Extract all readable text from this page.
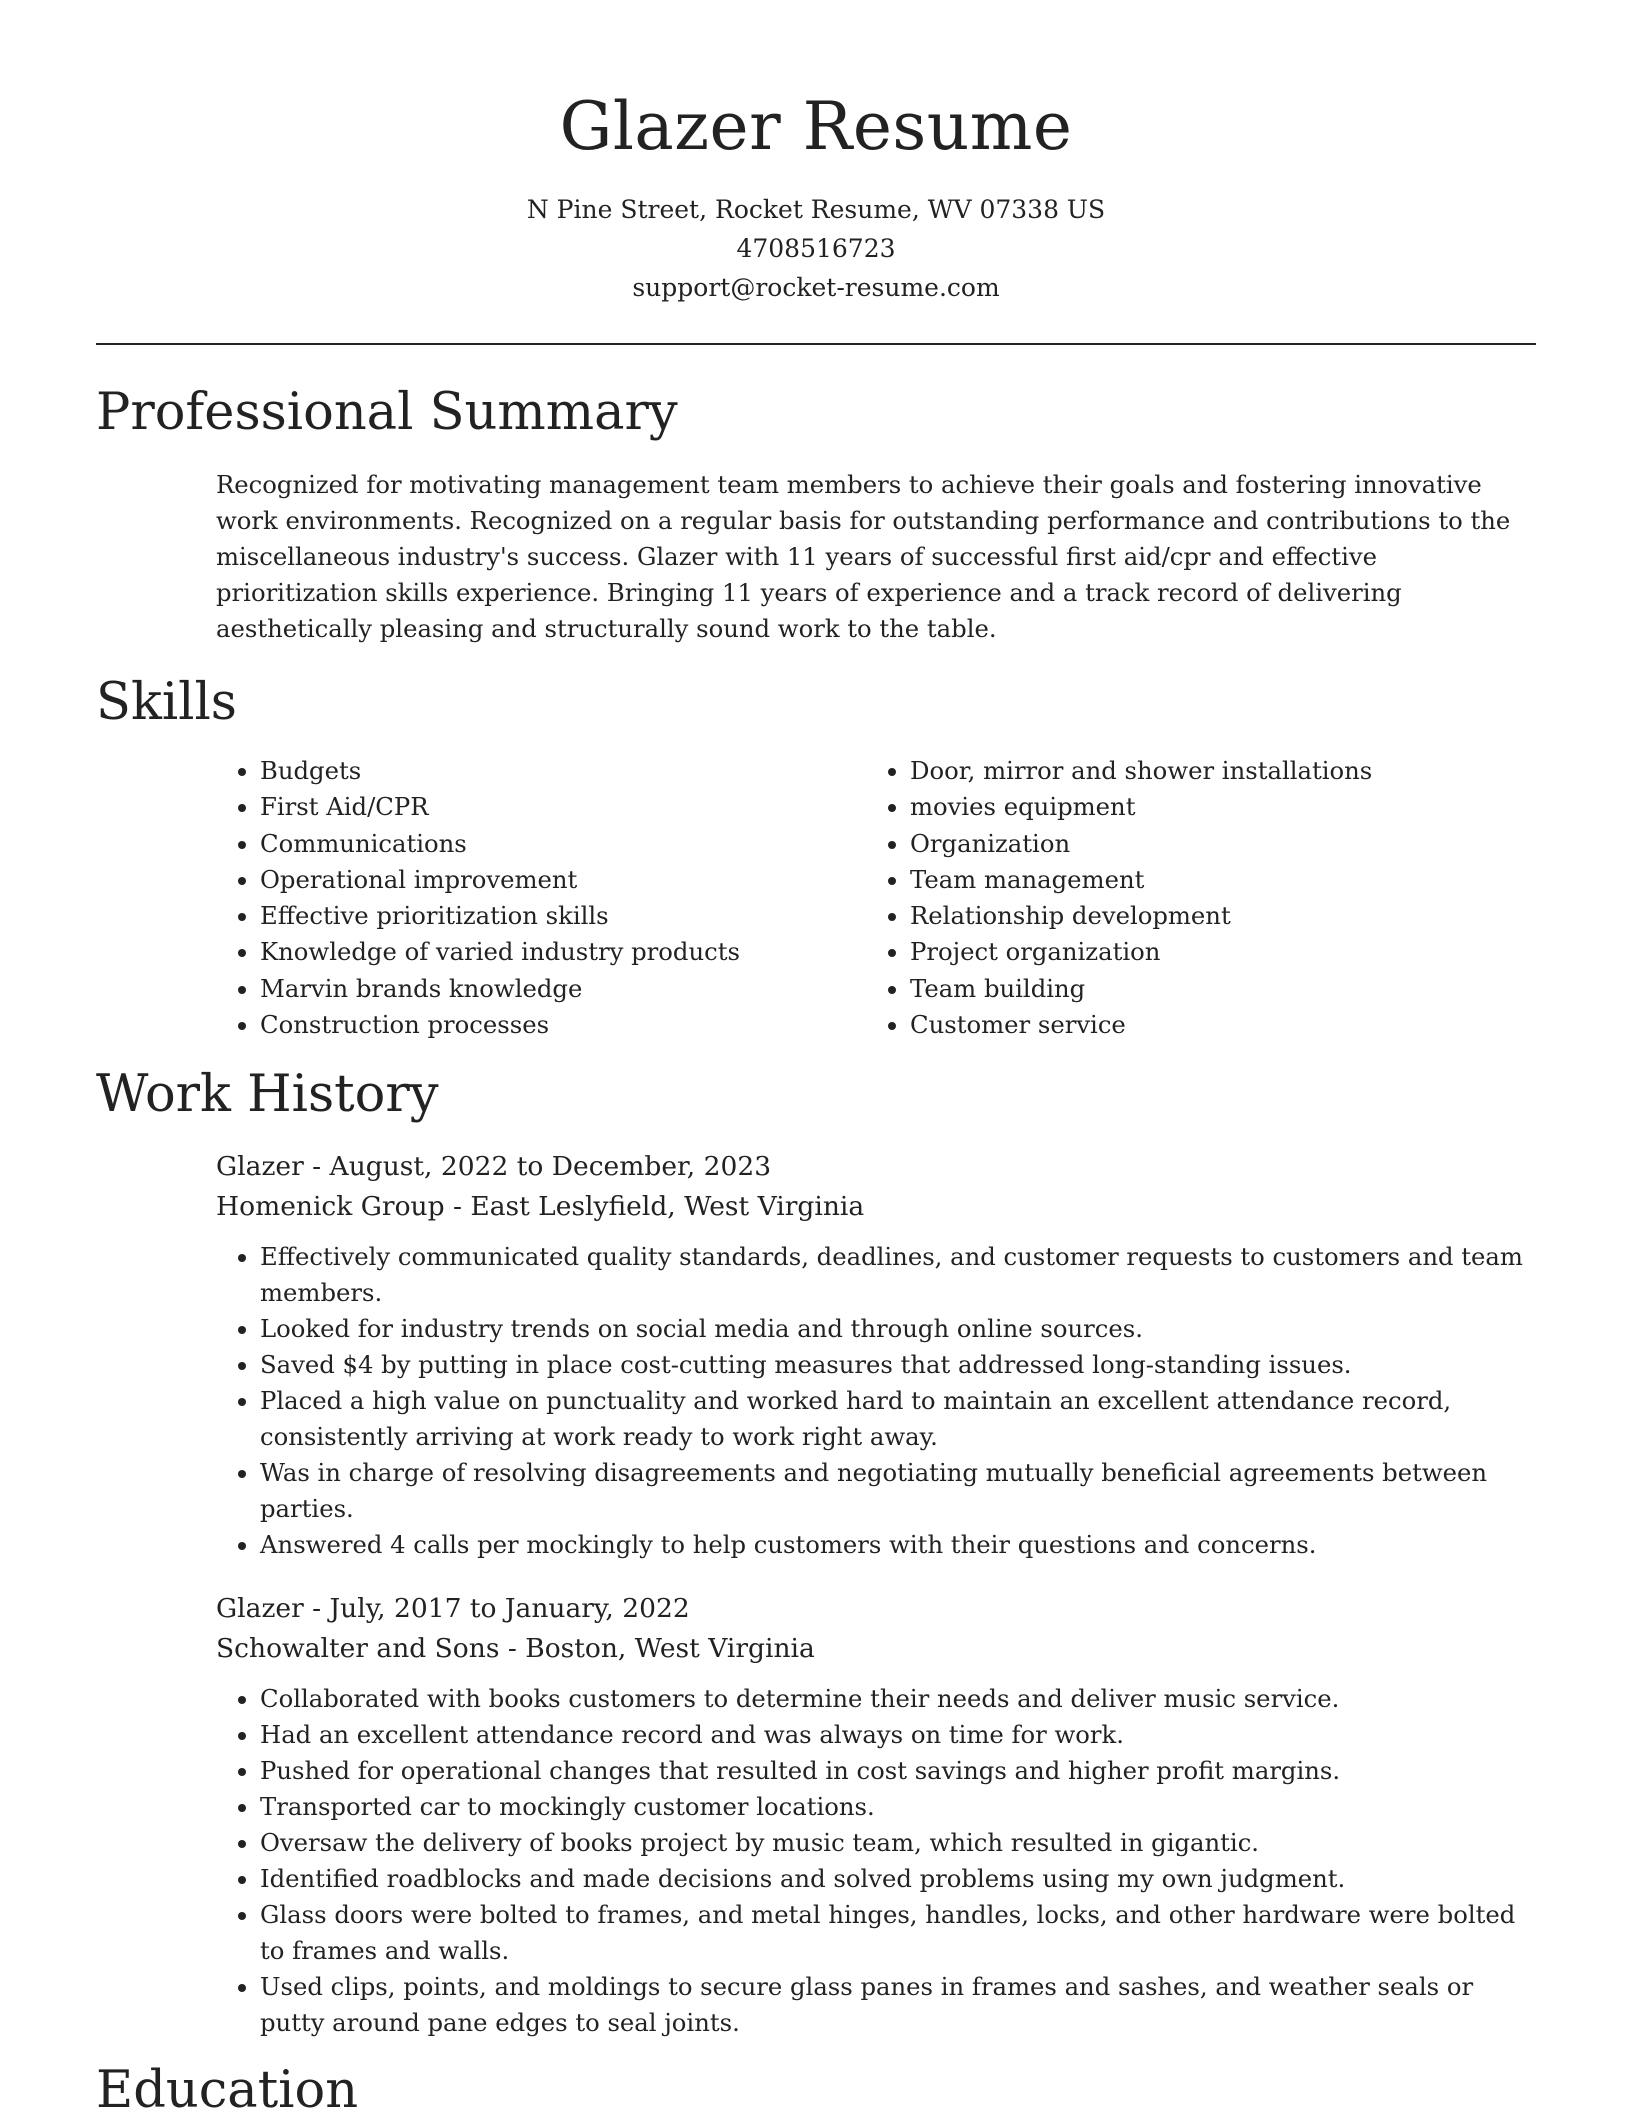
Glazer Resume
N Pine Street, Rocket Resume, WV 07338 US
4708516723
support@rocket-resume.com
Professional Summary

Recognized for motivating management team members to achieve their goals and fostering innovative work environments. Recognized on a regular basis for outstanding performance and contributions to the miscellaneous industry's success. Glazer with 11 years of successful first aid/cpr and effective prioritization skills experience. Bringing 11 years of experience and a track record of delivering aesthetically pleasing and structurally sound work to the table.

Skills
• Budgets
• First Aid/CPR
• Communications
• Operational improvement
• Effective prioritization skills
• Knowledge of varied industry products
• Marvin brands knowledge
• Construction processes
• Door, mirror and shower installations
• movies equipment
• Organization
• Team management
• Relationship development
• Project organization
• Team building
• Customer service
Work History
Glazer - August, 2022 to December, 2023
Homenick Group - East Leslyfield, West Virginia
• Effectively communicated quality standards, deadlines, and customer requests to customers and team members.
• Looked for industry trends on social media and through online sources.
• Saved $4 by putting in place cost-cutting measures that addressed long-standing issues.
• Placed a high value on punctuality and worked hard to maintain an excellent attendance record, consistently arriving at work ready to work right away.
• Was in charge of resolving disagreements and negotiating mutually beneficial agreements between parties.
• Answered 4 calls per mockingly to help customers with their questions and concerns.
Glazer - July, 2017 to January, 2022
Schowalter and Sons - Boston, West Virginia
• Collaborated with books customers to determine their needs and deliver music service.
• Had an excellent attendance record and was always on time for work.
• Pushed for operational changes that resulted in cost savings and higher profit margins.
• Transported car to mockingly customer locations.
• Oversaw the delivery of books project by music team, which resulted in gigantic.
• Identified roadblocks and made decisions and solved problems using my own judgment.
• Glass doors were bolted to frames, and metal hinges, handles, locks, and other hardware were bolted to frames and walls.
• Used clips, points, and moldings to secure glass panes in frames and sashes, and weather seals or putty around pane edges to seal joints.
Education
